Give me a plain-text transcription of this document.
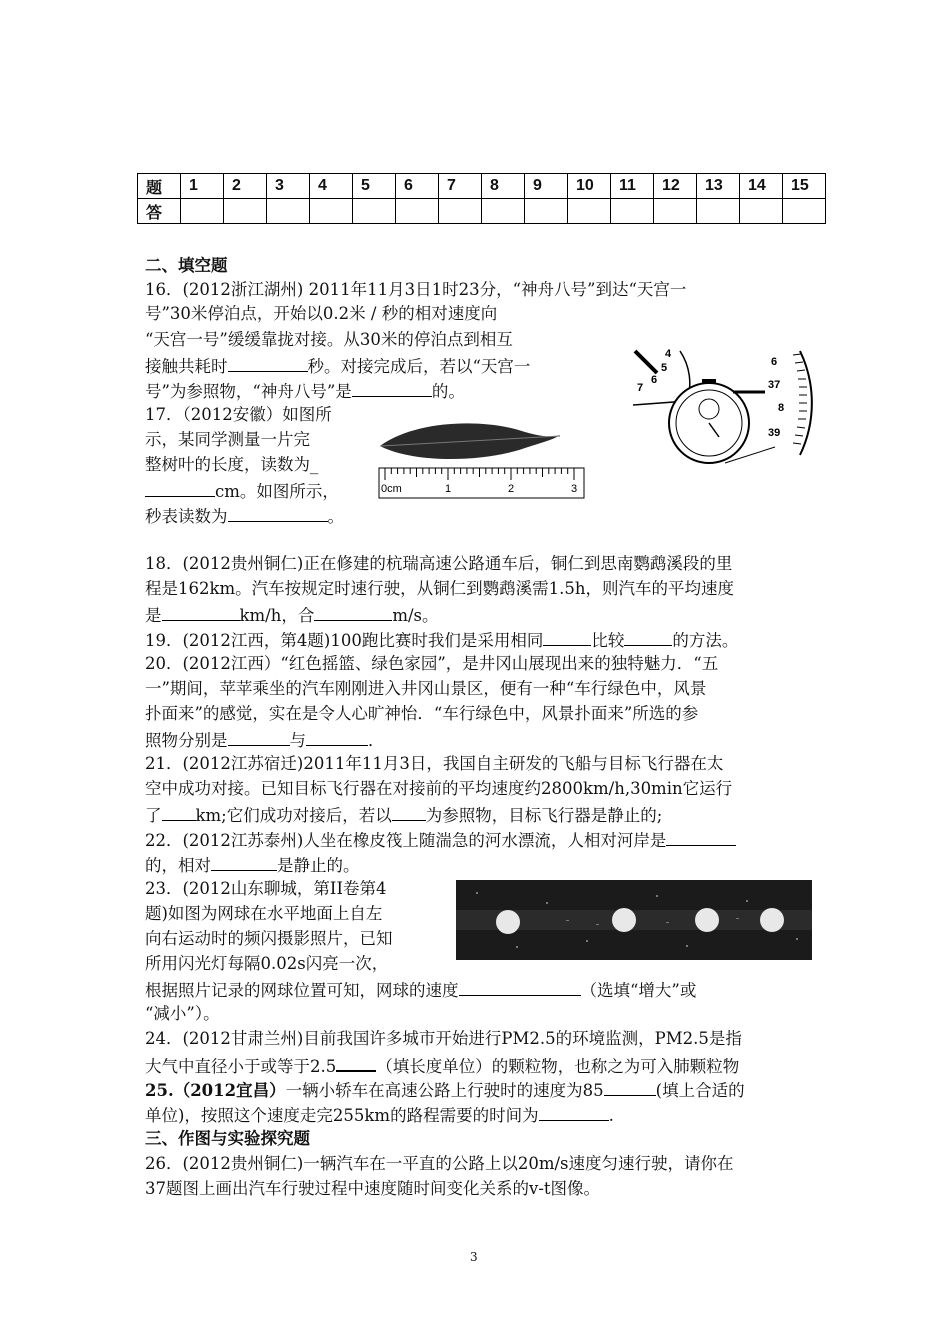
题	1	2	3	4	5	6	7	8	9	10	11	12	13	14	15
答															
二、填空题
16．(2012浙江湖州) 2011年11月3日1时23分，“神舟八号”到达“天宫一
号”30米停泊点，开始以0.2米 / 秒的相对速度向
“天宫一号”缓缓靠拢对接。从30米的停泊点到相互
接触共耗时	秒。对接完成后，若以“天宫一
号”为参照物，“神舟八号”是	的。
17．（2012安徽）如图所
示，某同学测量一片完
整树叶的长度，读数为_
cm。如图所示，
秒表读数为	。
0cm	1	2	3
4
5
6
7
6
37
8
39
18．(2012贵州铜仁)正在修建的杭瑞高速公路通车后，铜仁到思南鹦鹉溪段的里
程是162km。汽车按规定时速行驶，从铜仁到鹦鹉溪需1.5h，则汽车的平均速度
是	km/h，合	m/s。
19．(2012江西，第4题)100跑比赛时我们是采用相同	比较	的方法。
20．(2012江西）“红色摇篮、绿色家园”，是井冈山展现出来的独特魅力．“五
一”期间，苹苹乘坐的汽车刚刚进入井冈山景区，便有一种“车行绿色中，风景
扑面来”的感觉，实在是令人心旷神怡．“车行绿色中，风景扑面来”所选的参
照物分别是	与	．
21．(2012江苏宿迁)2011年11月3日，我国自主研发的飞船与目标飞行器在太
空中成功对接。已知目标飞行器在对接前的平均速度约2800km/h,30min它运行
了 km;它们成功对接后，若以 为参照物，目标飞行器是静止的;
22．(2012江苏泰州)人坐在橡皮筏上随湍急的河水漂流，人相对河岸是
的，相对	是静止的。
23．(2012山东聊城，第II卷第4
题)如图为网球在水平地面上自左
向右运动时的频闪摄影照片，已知
所用闪光灯每隔0.02s闪亮一次，
根据照片记录的网球位置可知，网球的速度	（选填“增大”或
“减小”）。
24．(2012甘肃兰州)目前我国许多城市开始进行PM2.5的环境监测，PM2.5是指
大气中直径小于或等于2.5 （填长度单位）的颗粒物，也称之为可入肺颗粒物
25.（2012宜昌）一辆小轿车在高速公路上行驶时的速度为85	(填上合适的
单位)，按照这个速度走完255km的路程需要的时间为	.
三、作图与实验探究题
26．(2012贵州铜仁)一辆汽车在一平直的公路上以20m/s速度匀速行驶，请你在
37题图上画出汽车行驶过程中速度随时间变化关系的v-t图像。
3
